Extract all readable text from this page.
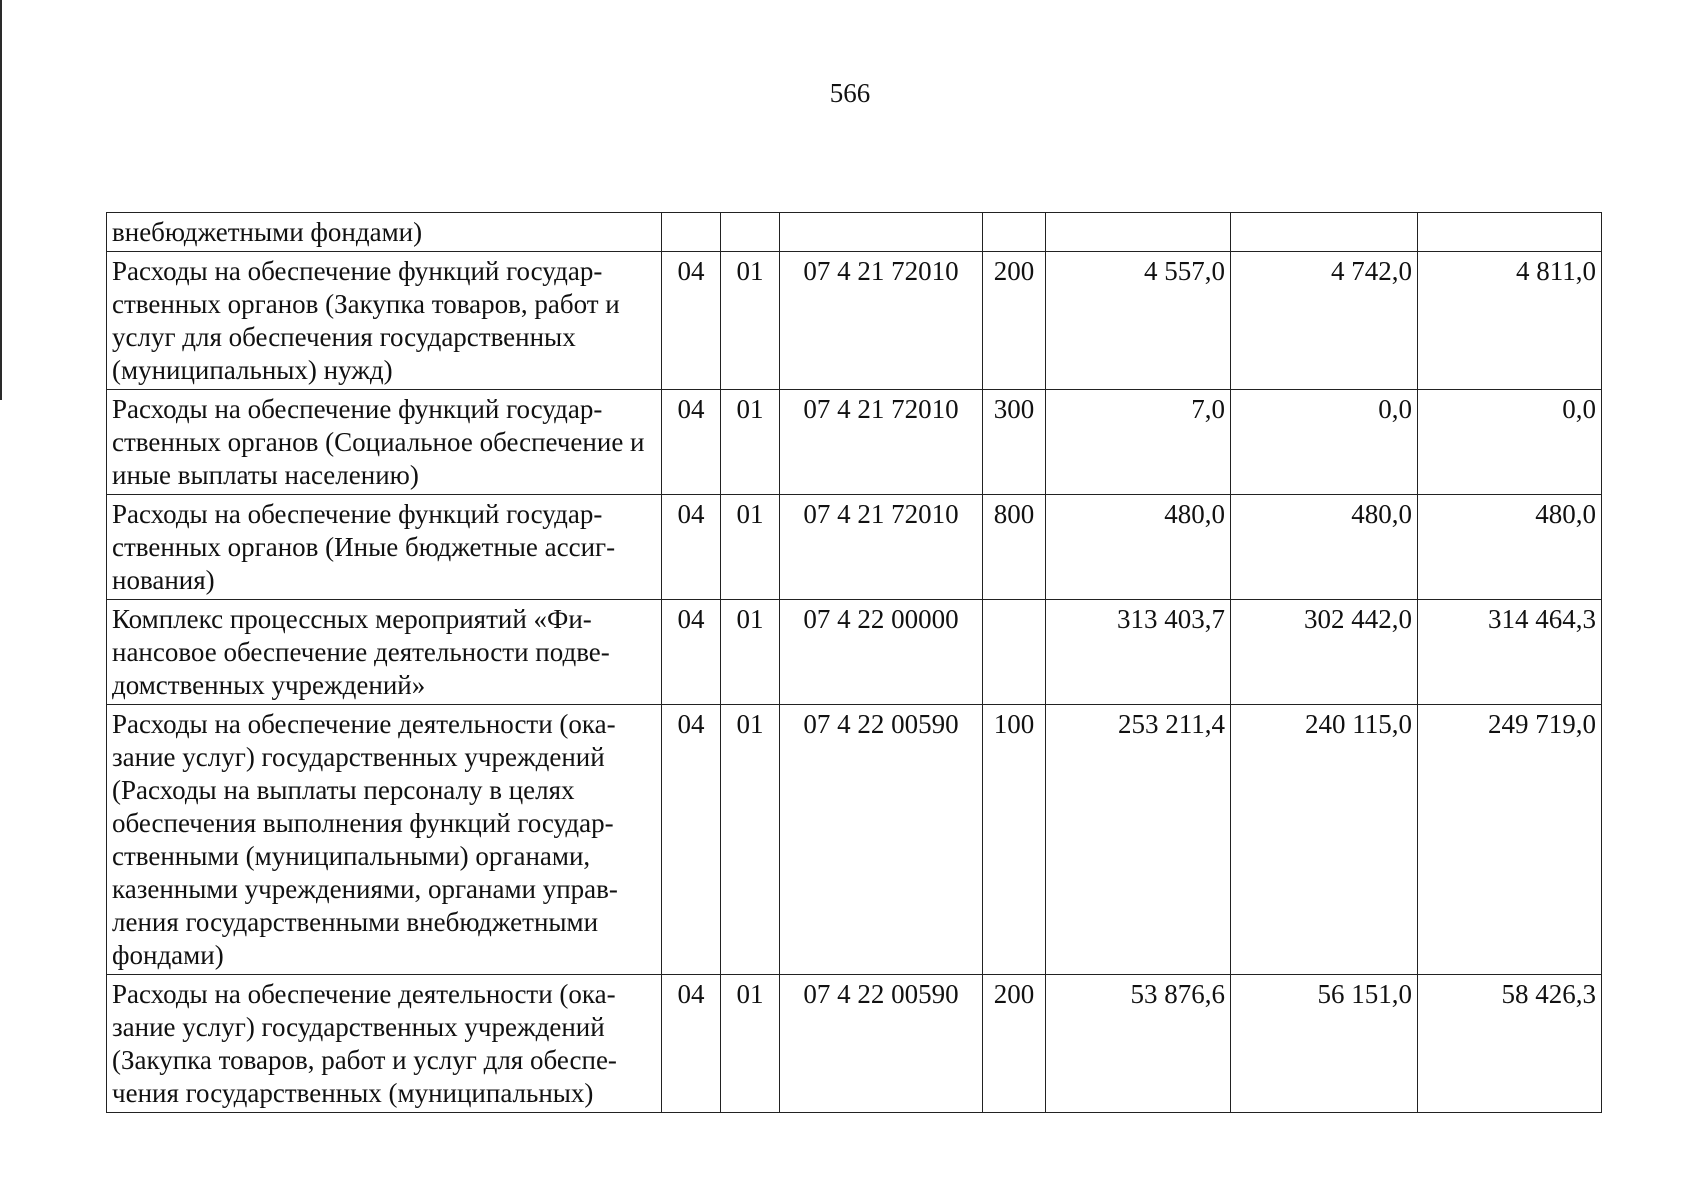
566
внебюджетными фондами)							
Расходы на обеспечение функций государ-ственных органов (Закупка товаров, работ и услуг для обеспечения государственных (муниципальных) нужд)	04	01	07 4 21 72010	200	4 557,0	4 742,0	4 811,0
Расходы на обеспечение функций государ-ственных органов (Социальное обеспечение и иные выплаты населению)	04	01	07 4 21 72010	300	7,0	0,0	0,0
Расходы на обеспечение функций государ-ственных органов (Иные бюджетные ассиг-нования)	04	01	07 4 21 72010	800	480,0	480,0	480,0
Комплекс процессных мероприятий «Фи-нансовое обеспечение деятельности подве-домственных учреждений»	04	01	07 4 22 00000		313 403,7	302 442,0	314 464,3
Расходы на обеспечение деятельности (ока-зание услуг) государственных учреждений (Расходы на выплаты персоналу в целях обеспечения выполнения функций государ-ственными (муниципальными) органами, казенными учреждениями, органами управ-ления государственными внебюджетными фондами)	04	01	07 4 22 00590	100	253 211,4	240 115,0	249 719,0
Расходы на обеспечение деятельности (ока-зание услуг) государственных учреждений (Закупка товаров, работ и услуг для обеспе-чения государственных (муниципальных)	04	01	07 4 22 00590	200	53 876,6	56 151,0	58 426,3
